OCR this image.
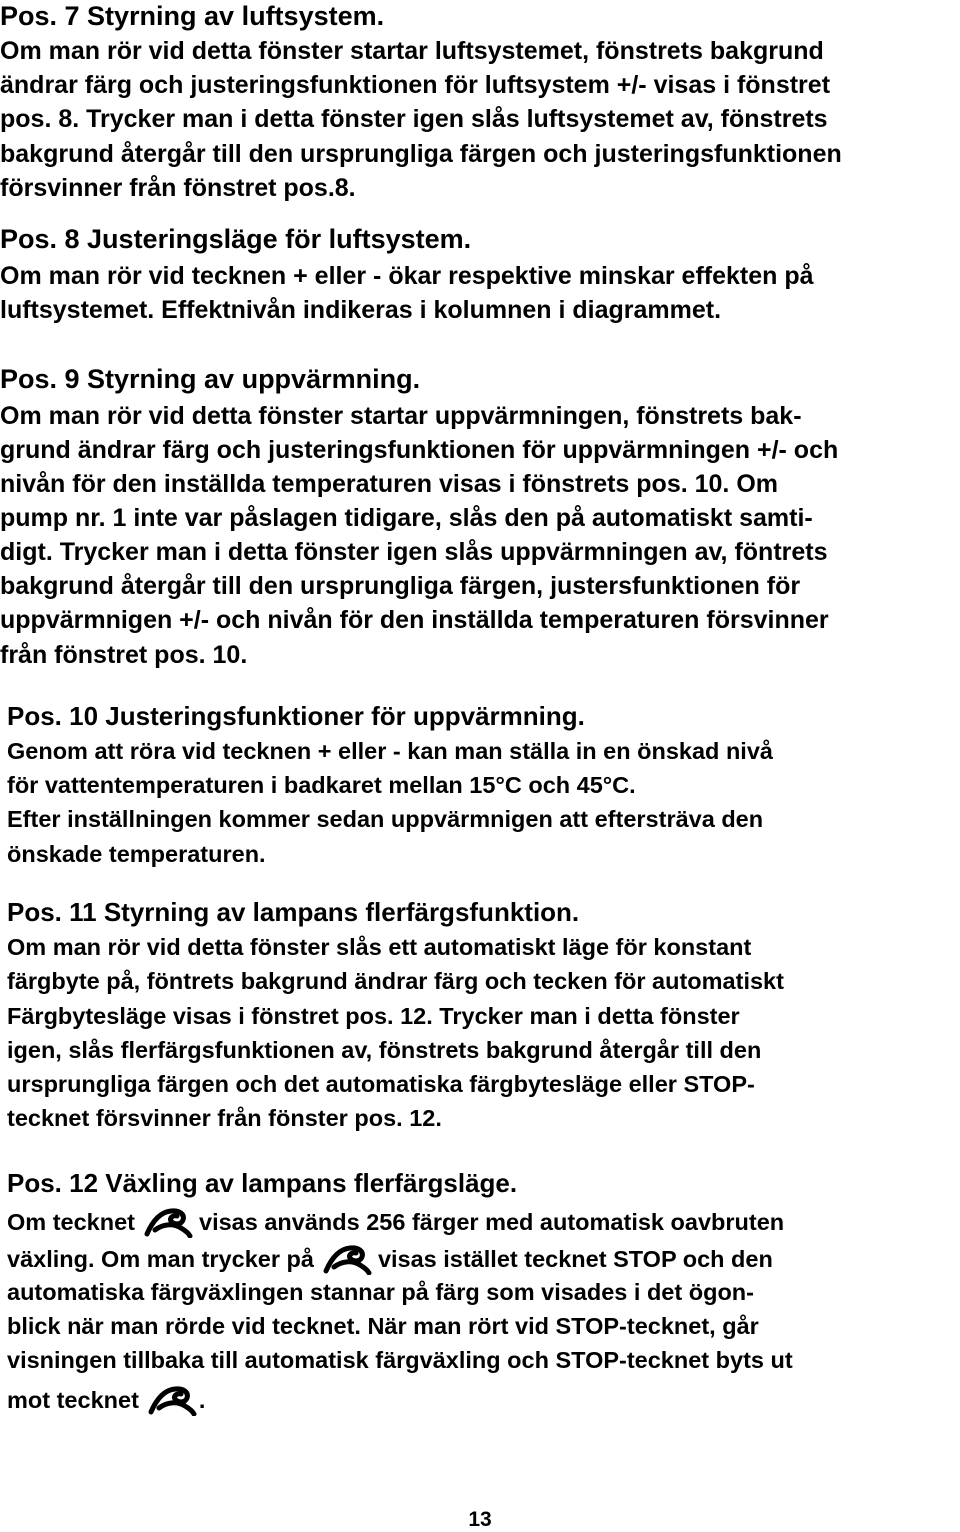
Pos. 7 Styrning av luftsystem.
Om man rör vid detta fönster startar luftsystemet, fönstrets bakgrund
ändrar färg och justeringsfunktionen för luftsystem +/- visas i fönstret
pos. 8. Trycker man i detta fönster igen slås luftsystemet av, fönstrets
bakgrund återgår till den ursprungliga färgen och justeringsfunktionen
försvinner från fönstret pos.8.
Pos. 8 Justeringsläge för luftsystem.
Om man rör vid tecknen + eller - ökar respektive minskar effekten på
luftsystemet. Effektnivån indikeras i kolumnen i diagrammet.
Pos. 9 Styrning av uppvärmning.
Om man rör vid detta fönster startar uppvärmningen, fönstrets bak-
grund ändrar färg och justeringsfunktionen för uppvärmningen +/- och
nivån för den inställda temperaturen visas i fönstrets pos. 10. Om
pump nr. 1 inte var påslagen tidigare, slås den på automatiskt samti-
digt. Trycker man i detta fönster igen slås uppvärmningen av, föntrets
bakgrund återgår till den ursprungliga färgen, justersfunktionen för
uppvärmnigen +/- och nivån för den inställda temperaturen försvinner
från fönstret pos. 10.
Pos. 10 Justeringsfunktioner för uppvärmning.
Genom att röra vid tecknen + eller - kan man ställa in en önskad nivå
för vattentemperaturen i badkaret mellan 15°C och 45°C.
Efter inställningen kommer sedan uppvärmnigen att eftersträva den
önskade temperaturen.
Pos. 11 Styrning av lampans flerfärgsfunktion.
Om man rör vid detta fönster slås ett automatiskt läge för konstant
färgbyte på, föntrets bakgrund ändrar färg och tecken för automatiskt
Färgbytesläge visas i fönstret pos. 12. Trycker man i detta fönster
igen, slås flerfärgsfunktionen av, fönstrets bakgrund återgår till den
ursprungliga färgen och det automatiska färgbytesläge eller STOP-
tecknet försvinner från fönster pos. 12.
Pos. 12 Växling av lampans flerfärgsläge.
Om tecknet	visas används 256 färger med automatisk oavbruten
växling. Om man trycker på	visas istället tecknet STOP och den
automatiska färgväxlingen stannar på färg som visades i det ögon-
blick när man rörde vid tecknet. När man rört vid STOP-tecknet, går
visningen tillbaka till automatisk färgväxling och STOP-tecknet byts ut
mot tecknet	.
13
